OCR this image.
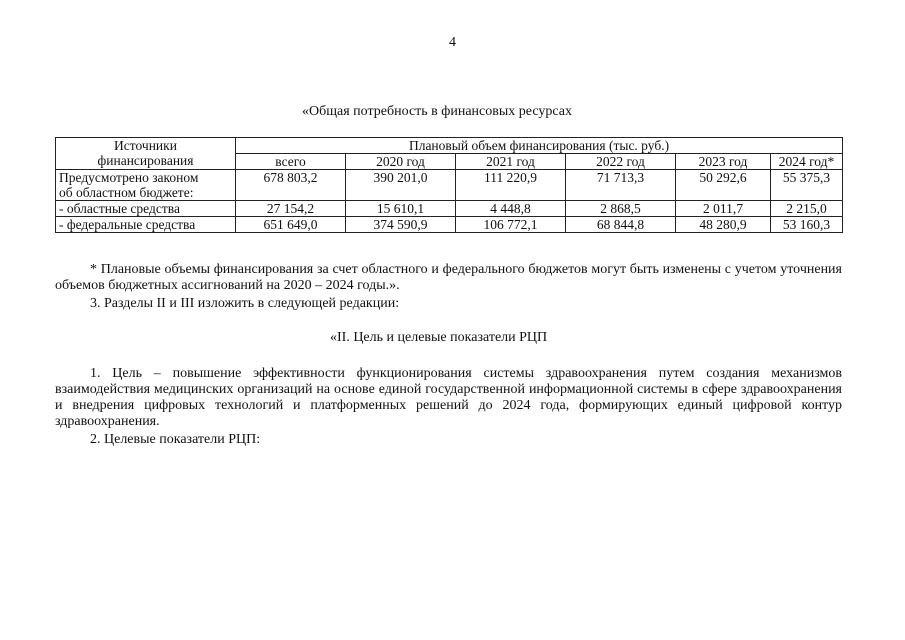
4
«Общая потребность в финансовых ресурсах
Источники
финансирования	Плановый объем финансирования (тыс. руб.)					
	всего	2020 год	2021 год	2022 год	2023 год	2024 год*

Предусмотрено законом
об областном бюджете:	678 803,2	390 201,0	111 220,9	71 713,3	50 292,6	55 375,3
- областные средства	27 154,2	15 610,1	4 448,8	2 868,5	2 011,7	2 215,0
- федеральные средства	651 649,0	374 590,9	106 772,1	68 844,8	48 280,9	53 160,3
* Плановые объемы финансирования за счет областного и федерального бюджетов могут быть изменены с учетом уточнения объемов бюджетных ассигнований на 2020 – 2024 годы.».
3. Разделы II и III изложить в следующей редакции:
«II. Цель и целевые показатели РЦП
1. Цель – повышение эффективности функционирования системы здравоохранения путем создания механизмов взаимодействия медицинских организаций на основе единой государственной информационной системы в сфере здравоохранения и внедрения цифровых технологий и платформенных решений до 2024 года, формирующих единый цифровой контур здравоохранения.
2. Целевые показатели РЦП:
